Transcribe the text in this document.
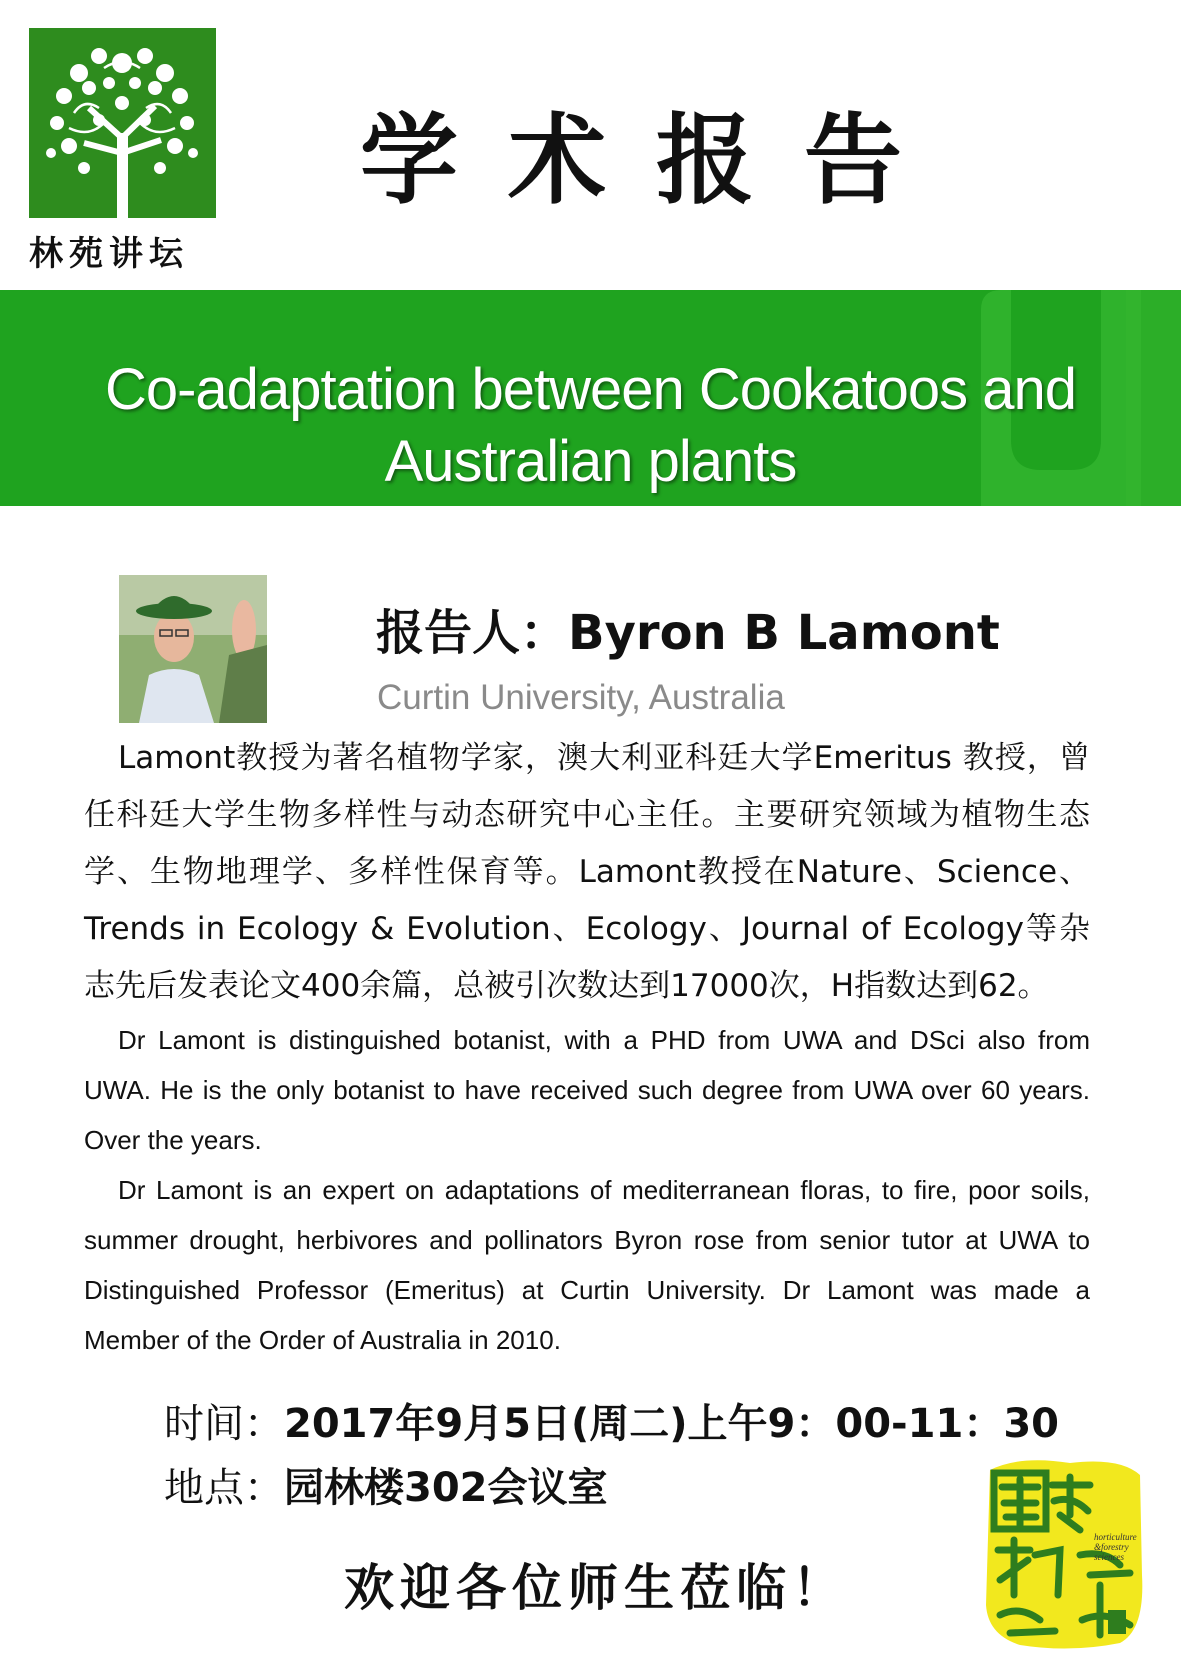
林苑讲坛
学术报告
Co-adaptation between Cookatoos and
Australian plants
报告人：Byron B Lamont
Curtin University, Australia

Lamont教授为著名植物学家，澳大利亚科廷大学Emeritus 教授，曾任科廷大学生物多样性与动态研究中心主任。主要研究领域为植物生态学、生物地理学、多样性保育等。Lamont教授在Nature、Science、Trends in Ecology & Evolution、Ecology、Journal of Ecology等杂志先后发表论文400余篇，总被引次数达到17000次，H指数达到62。

Dr Lamont is distinguished botanist, with a PHD from UWA and DSci also from UWA. He is the only botanist to have received such degree from UWA over 60 years. Over the years.

Dr Lamont is an expert on adaptations of mediterranean floras, to fire, poor soils, summer drought, herbivores and pollinators Byron rose from senior tutor at UWA to Distinguished Professor (Emeritus) at Curtin University. Dr Lamont was made a Member of the Order of Australia in 2010.

时间：2017年9月5日(周二)上午9：00-11：30
地点：园林楼302会议室
欢迎各位师生莅临！
horticulture
&forestry
sciences
